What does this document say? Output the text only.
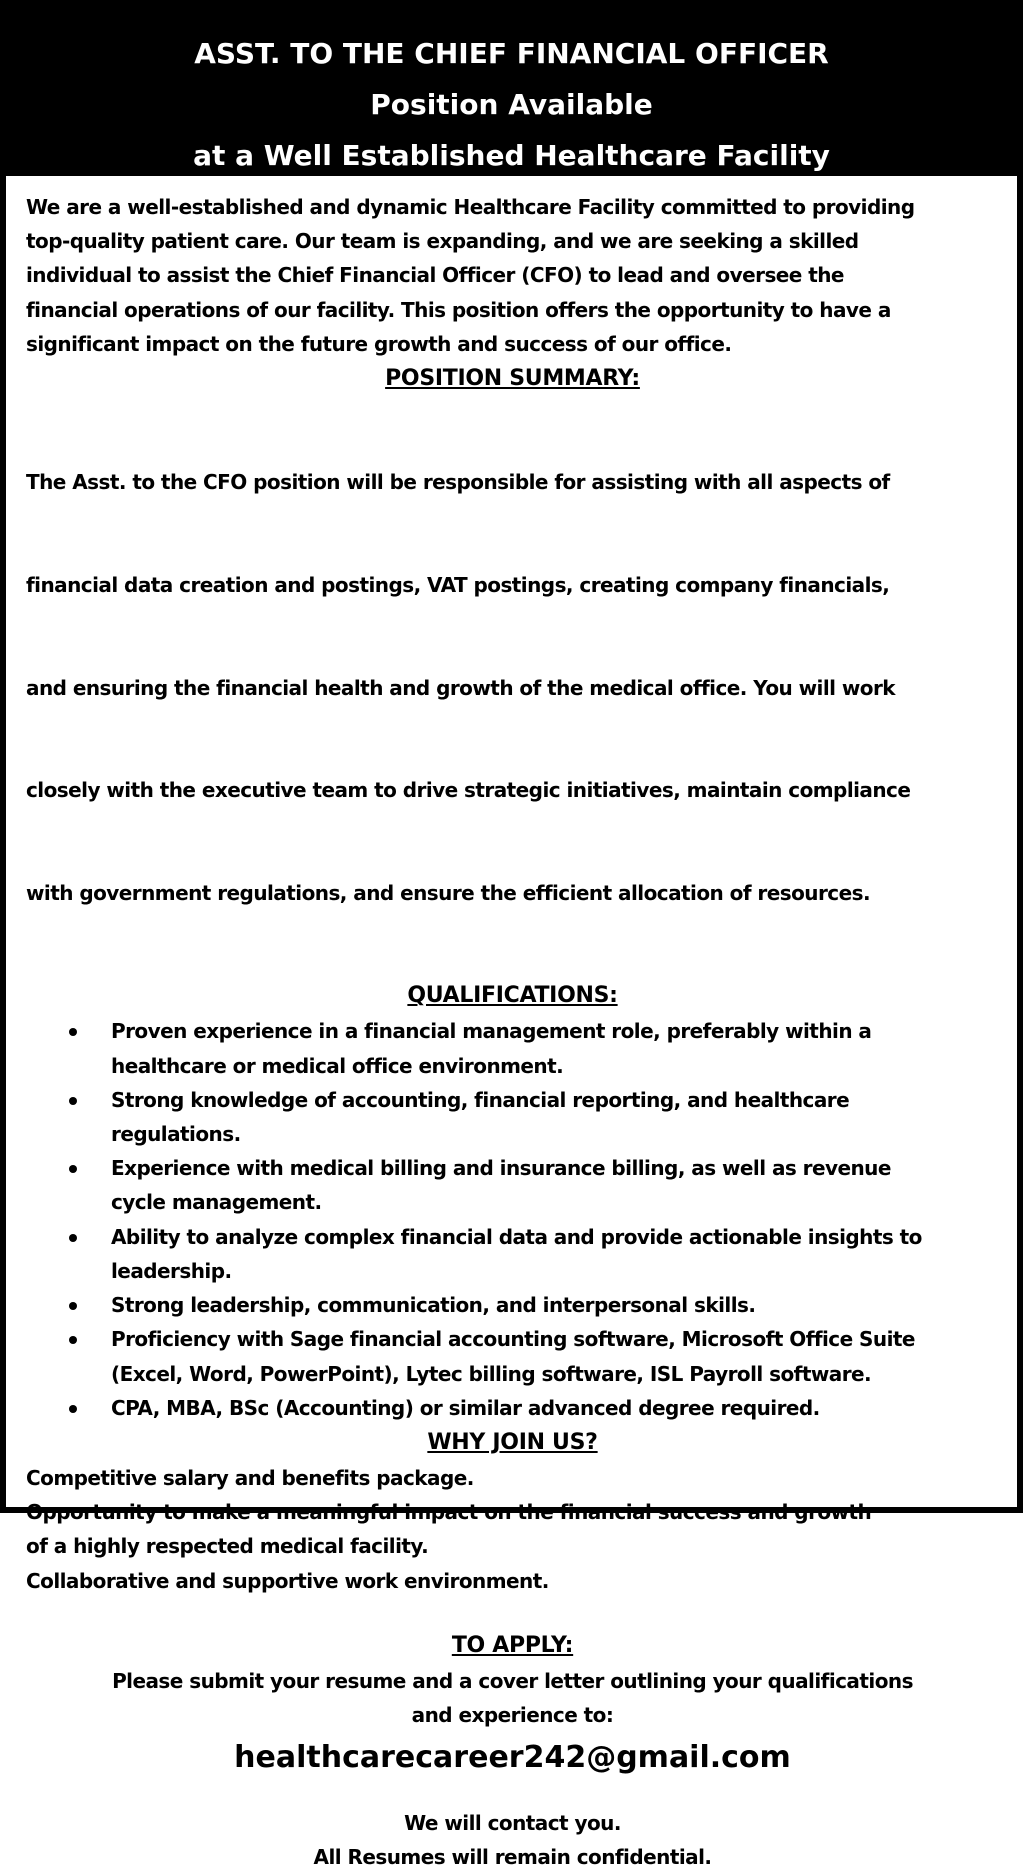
ASST. TO THE CHIEF FINANCIAL OFFICER
Position Available
at a Well Established Healthcare Facility
We are a well-established and dynamic Healthcare Facility committed to providing
top-quality patient care. Our team is expanding, and we are seeking a skilled
individual to assist the Chief Financial Officer (CFO) to lead and oversee the
financial operations of our facility. This position offers the opportunity to have a
significant impact on the future growth and success of our office.
POSITION SUMMARY:

The Asst. to the CFO position will be responsible for assisting with all aspects of

financial data creation and postings, VAT postings, creating company financials,

and ensuring the financial health and growth of the medical office. You will work

closely with the executive team to drive strategic initiatives, maintain compliance

with government regulations, and ensure the efficient allocation of resources.

QUALIFICATIONS:
Proven experience in a financial management role, preferably within a
healthcare or medical office environment.
Strong knowledge of accounting, financial reporting, and healthcare
regulations.
Experience with medical billing and insurance billing, as well as revenue
cycle management.
Ability to analyze complex financial data and provide actionable insights to
leadership.
Strong leadership, communication, and interpersonal skills.
Proficiency with Sage financial accounting software, Microsoft Office Suite
(Excel, Word, PowerPoint), Lytec billing software, ISL Payroll software.
CPA, MBA, BSc (Accounting) or similar advanced degree required.
WHY JOIN US?
Competitive salary and benefits package.
Opportunity to make a meaningful impact on the financial success and growth
of a highly respected medical facility.
Collaborative and supportive work environment.
TO APPLY:
Please submit your resume and a cover letter outlining your qualifications
and experience to:
healthcarecareer242@gmail.com
We will contact you.
All Resumes will remain confidential.
